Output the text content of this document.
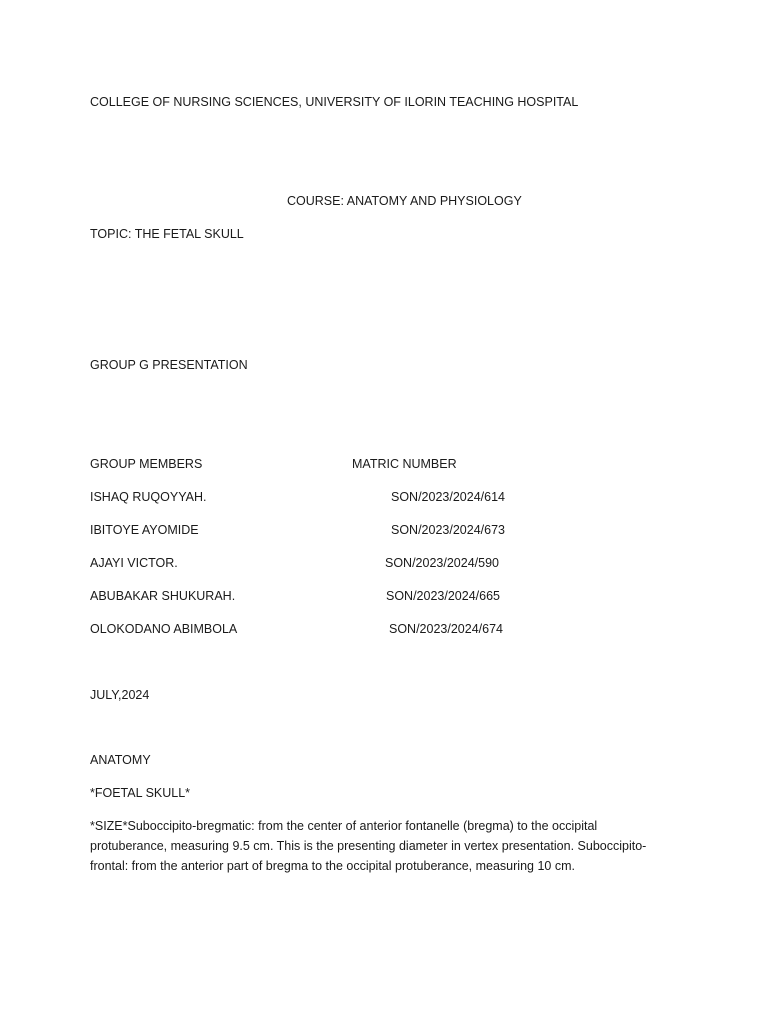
COLLEGE OF NURSING SCIENCES, UNIVERSITY OF ILORIN TEACHING HOSPITAL
COURSE: ANATOMY AND PHYSIOLOGY
TOPIC: THE FETAL SKULL
GROUP G PRESENTATION
GROUP MEMBERS	MATRIC NUMBER
ISHAQ RUQOYYAH.	SON/2023/2024/614
IBITOYE AYOMIDE	SON/2023/2024/673
AJAYI VICTOR.	SON/2023/2024/590
ABUBAKAR SHUKURAH.	SON/2023/2024/665
OLOKODANO ABIMBOLA	SON/2023/2024/674
JULY,2024
ANATOMY
*FOETAL SKULL*
*SIZE*Suboccipito-bregmatic: from the center of anterior fontanelle (bregma) to the occipital protuberance, measuring 9.5 cm. This is the presenting diameter in vertex presentation. Suboccipito-frontal: from the anterior part of bregma to the occipital protuberance, measuring 10 cm.
